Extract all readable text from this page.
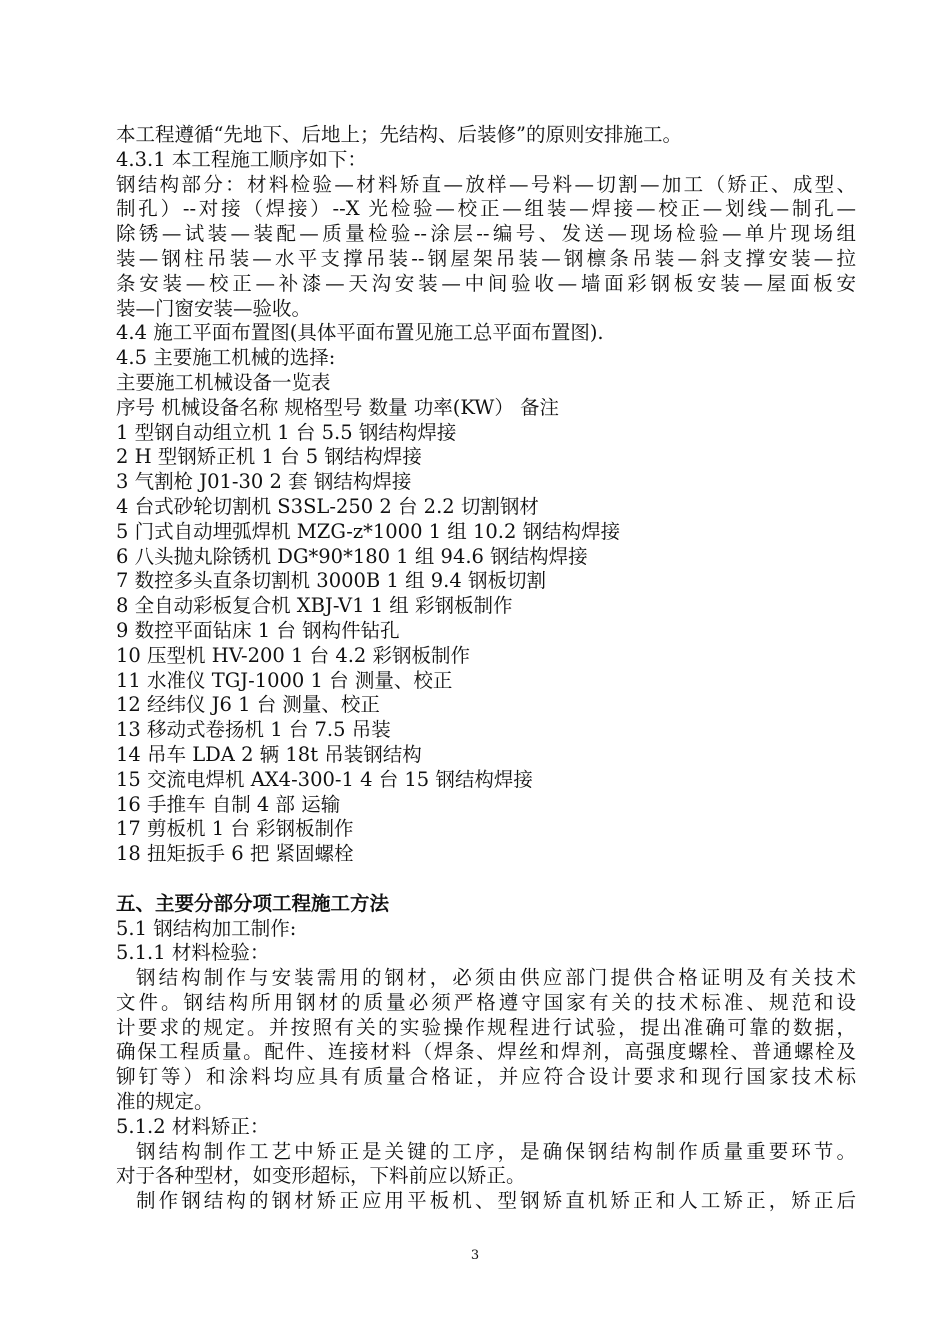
本工程遵循“先地下、后地上；先结构、后装修”的原则安排施工。
4.3.1 本工程施工顺序如下：
钢结构部分：材料检验—材料矫直—放样—号料—切割—加工（矫正、成型、
制孔）--对接（焊接）--X 光检验—校正—组装—焊接—校正—划线—制孔—
除锈—试装—装配—质量检验--涂层--编号、发送—现场检验—单片现场组
装—钢柱吊装—水平支撑吊装--钢屋架吊装—钢檩条吊装—斜支撑安装—拉
条安装—校正—补漆—天沟安装—中间验收—墙面彩钢板安装—屋面板安
装—门窗安装—验收。
4.4 施工平面布置图(具体平面布置见施工总平面布置图).
4.5 主要施工机械的选择:
主要施工机械设备一览表
序号 机械设备名称 规格型号 数量 功率(KW） 备注
1 型钢自动组立机 1 台 5.5 钢结构焊接
2 H 型钢矫正机 1 台 5 钢结构焊接
3 气割枪 J01-30 2 套 钢结构焊接
4 台式砂轮切割机 S3SL-250 2 台 2.2 切割钢材
5 门式自动埋弧焊机 MZG-z*1000 1 组 10.2 钢结构焊接
6 八头抛丸除锈机 DG*90*180 1 组 94.6 钢结构焊接
7 数控多头直条切割机 3000B 1 组 9.4 钢板切割
8 全自动彩板复合机 XBJ-V1 1 组 彩钢板制作
9 数控平面钻床 1 台 钢构件钻孔
10 压型机 HV-200 1 台 4.2 彩钢板制作
11 水准仪 TGJ-1000 1 台 测量、校正
12 经纬仪 J6 1 台 测量、校正
13 移动式卷扬机 1 台 7.5 吊装
14 吊车 LDA 2 辆 18t 吊装钢结构
15 交流电焊机 AX4-300-1 4 台 15 钢结构焊接
16 手推车 自制 4 部 运输
17 剪板机 1 台 彩钢板制作
18 扭矩扳手 6 把 紧固螺栓
五、主要分部分项工程施工方法
5.1 钢结构加工制作:
5.1.1 材料检验：
钢结构制作与安装需用的钢材，必须由供应部门提供合格证明及有关技术
文件。钢结构所用钢材的质量必须严格遵守国家有关的技术标准、规范和设
计要求的规定。并按照有关的实验操作规程进行试验，提出准确可靠的数据，
确保工程质量。配件、连接材料（焊条、焊丝和焊剂，高强度螺栓、普通螺栓及
铆钉等）和涂料均应具有质量合格证，并应符合设计要求和现行国家技术标
准的规定。
5.1.2 材料矫正：
钢结构制作工艺中矫正是关键的工序，是确保钢结构制作质量重要环节。
对于各种型材，如变形超标，下料前应以矫正。
制作钢结构的钢材矫正应用平板机、型钢矫直机矫正和人工矫正，矫正后
3
